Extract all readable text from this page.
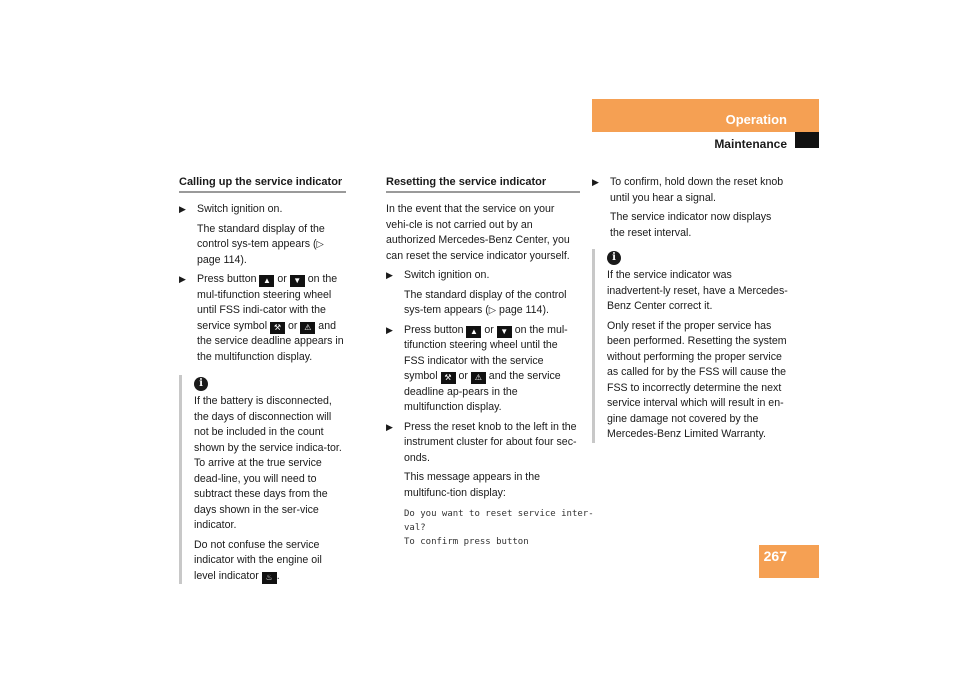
Operation
Maintenance
Calling up the service indicator
▶ Switch ignition on.
The standard display of the control sys-tem appears (▷ page 114).
▶ Press button ▲ or ▼ on the mul-tifunction steering wheel until FSS indi-cator with the service symbol ⚒ or ⚠ and the service deadline appears in the multifunction display.
i

If the battery is disconnected, the days of disconnection will not be included in the count shown by the service indica-tor. To arrive at the true service dead-line, you will need to subtract these days from the days shown in the ser-vice indicator.

Do not confuse the service indicator with the engine oil level indicator ♨ .

Resetting the service indicator

In the event that the service on your vehi-cle is not carried out by an authorized Mercedes-Benz Center, you can reset the service indicator yourself.

▶ Switch ignition on.
The standard display of the control sys-tem appears (▷ page 114).
▶ Press button ▲ or ▼ on the mul-tifunction steering wheel until the FSS indicator with the service symbol ⚒ or ⚠ and the service deadline ap-pears in the multifunction display.
▶ Press the reset knob to the left in the instrument cluster for about four sec-onds.
This message appears in the multifunc-tion display:
Do you want to reset service inter-
val?
To confirm press button
▶ To confirm, hold down the reset knob until you hear a signal.
The service indicator now displays the reset interval.
i

If the service indicator was inadvertent-ly reset, have a Mercedes-Benz Center correct it.

Only reset if the proper service has been performed. Resetting the system without performing the proper service as called for by the FSS will cause the FSS to incorrectly determine the next service interval which will result in en-gine damage not covered by the Mercedes-Benz Limited Warranty.

267
